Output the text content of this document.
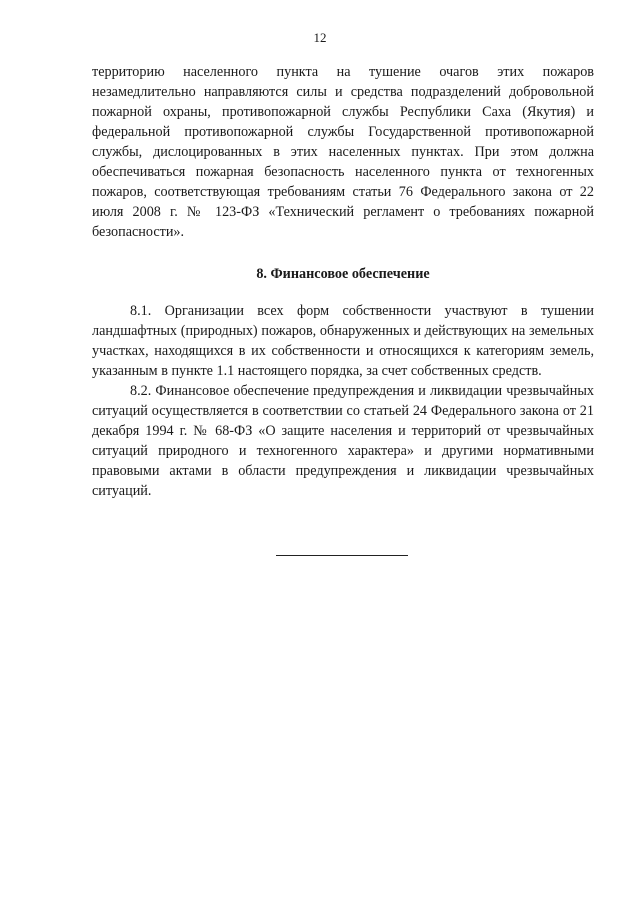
12

территорию населенного пункта на тушение очагов этих пожаров незамедлительно направляются силы и средства подразделений добровольной пожарной охраны, противопожарной службы Республики Саха (Якутия) и федеральной противопожарной службы Государственной противопожарной службы, дислоцированных в этих населенных пунктах. При этом должна обеспечиваться пожарная безопасность населенного пункта от техногенных пожаров, соответствующая требованиям статьи 76 Федерального закона от 22 июля 2008 г. № 123-ФЗ «Технический регламент о требованиях пожарной безопасности».

8. Финансовое обеспечение

8.1. Организации всех форм собственности участвуют в тушении ландшафтных (природных) пожаров, обнаруженных и действующих на земельных участках, находящихся в их собственности и относящихся к категориям земель, указанным в пункте 1.1 настоящего порядка, за счет собственных средств.

8.2. Финансовое обеспечение предупреждения и ликвидации чрезвычайных ситуаций осуществляется в соответствии со статьей 24 Федерального закона от 21 декабря 1994 г. № 68-ФЗ «О защите населения и территорий от чрезвычайных ситуаций природного и техногенного характера» и другими нормативными правовыми актами в области предупреждения и ликвидации чрезвычайных ситуаций.
